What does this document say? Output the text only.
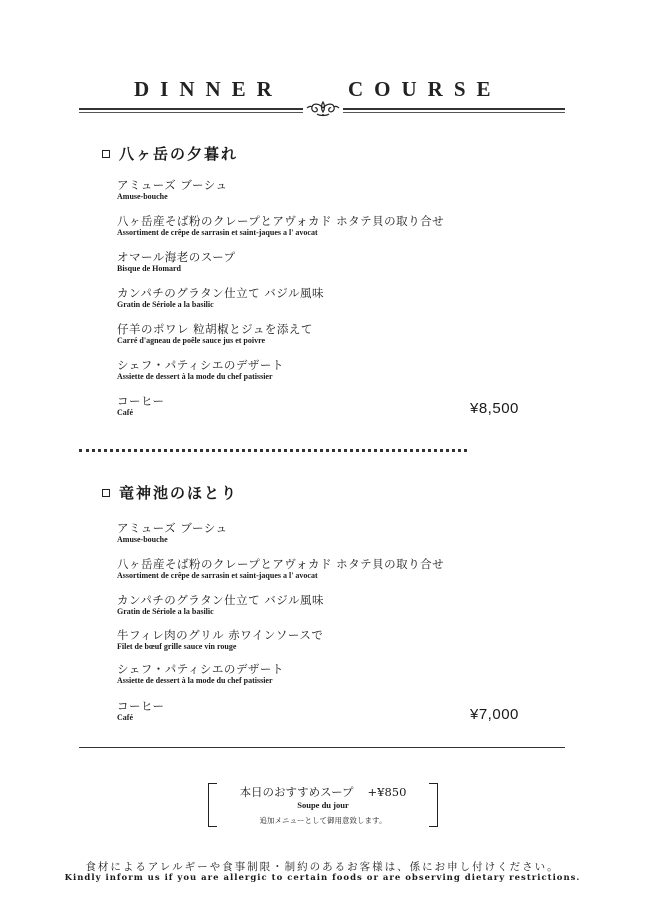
DINNER	COURSE
八ヶ岳の夕暮れ
アミューズ ブーシュ
Amuse-bouche
八ヶ岳産そば粉のクレープとアヴォカド ホタテ貝の取り合せ
Assortiment de crêpe de sarrasin et saint-jaques a l' avocat
オマール海老のスープ
Bisque de Homard
カンパチのグラタン仕立て バジル風味
Gratin de Sériole a la basilic
仔羊のポワレ 粒胡椒とジュを添えて
Carré d'agneau de poêle sauce jus et poivre
シェフ・パティシエのデザート
Assiette de dessert à la mode du chef patissier
コーヒー
Café	¥8,500
竜神池のほとり
アミューズ ブーシュ
Amuse-bouche
八ヶ岳産そば粉のクレープとアヴォカド ホタテ貝の取り合せ
Assortiment de crêpe de sarrasin et saint-jaques a l' avocat
カンパチのグラタン仕立て バジル風味
Gratin de Sériole a la basilic
牛フィレ肉のグリル 赤ワインソースで
Filet de bœuf grille sauce vin rouge
シェフ・パティシエのデザート
Assiette de dessert à la mode du chef patissier
コーヒー
Café	¥7,000
本日のおすすめスープ +¥850
Soupe du jour
追加メニューとして御用意致します。
食材によるアレルギーや食事制限・制約のあるお客様は、係にお申し付けください。
Kindly inform us if you are allergic to certain foods or are observing dietary restrictions.
